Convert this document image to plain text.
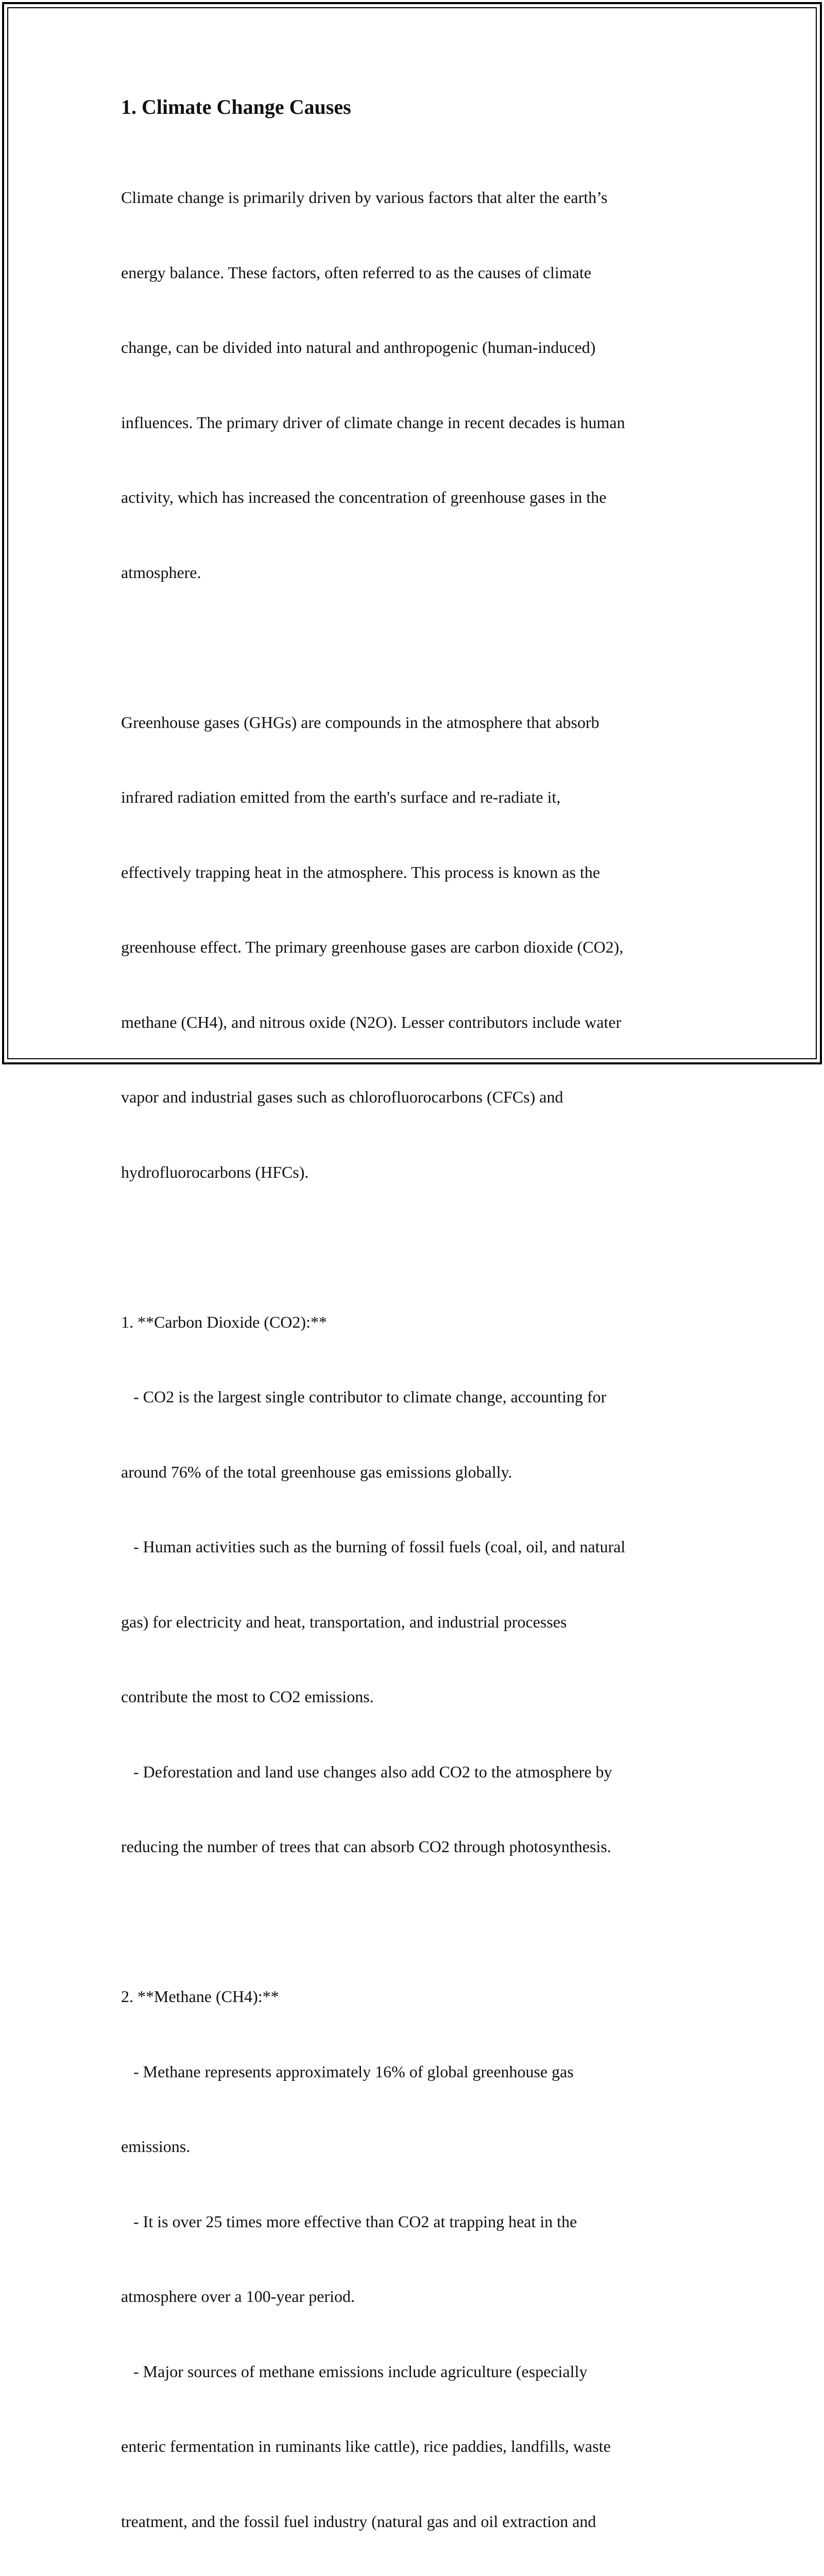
1. Climate Change Causes

Climate change is primarily driven by various factors that alter the earth’s

energy balance. These factors, often referred to as the causes of climate

change, can be divided into natural and anthropogenic (human-induced)

influences. The primary driver of climate change in recent decades is human

activity, which has increased the concentration of greenhouse gases in the

atmosphere.

Greenhouse gases (GHGs) are compounds in the atmosphere that absorb

infrared radiation emitted from the earth's surface and re-radiate it,

effectively trapping heat in the atmosphere. This process is known as the

greenhouse effect. The primary greenhouse gases are carbon dioxide (CO2),

methane (CH4), and nitrous oxide (N2O). Lesser contributors include water

vapor and industrial gases such as chlorofluorocarbons (CFCs) and

hydrofluorocarbons (HFCs).

1. **Carbon Dioxide (CO2):**

- CO2 is the largest single contributor to climate change, accounting for

around 76% of the total greenhouse gas emissions globally.

- Human activities such as the burning of fossil fuels (coal, oil, and natural

gas) for electricity and heat, transportation, and industrial processes

contribute the most to CO2 emissions.

- Deforestation and land use changes also add CO2 to the atmosphere by

reducing the number of trees that can absorb CO2 through photosynthesis.

2. **Methane (CH4):**

- Methane represents approximately 16% of global greenhouse gas

emissions.

- It is over 25 times more effective than CO2 at trapping heat in the

atmosphere over a 100-year period.

- Major sources of methane emissions include agriculture (especially

enteric fermentation in ruminants like cattle), rice paddies, landfills, waste

treatment, and the fossil fuel industry (natural gas and oil extraction and
